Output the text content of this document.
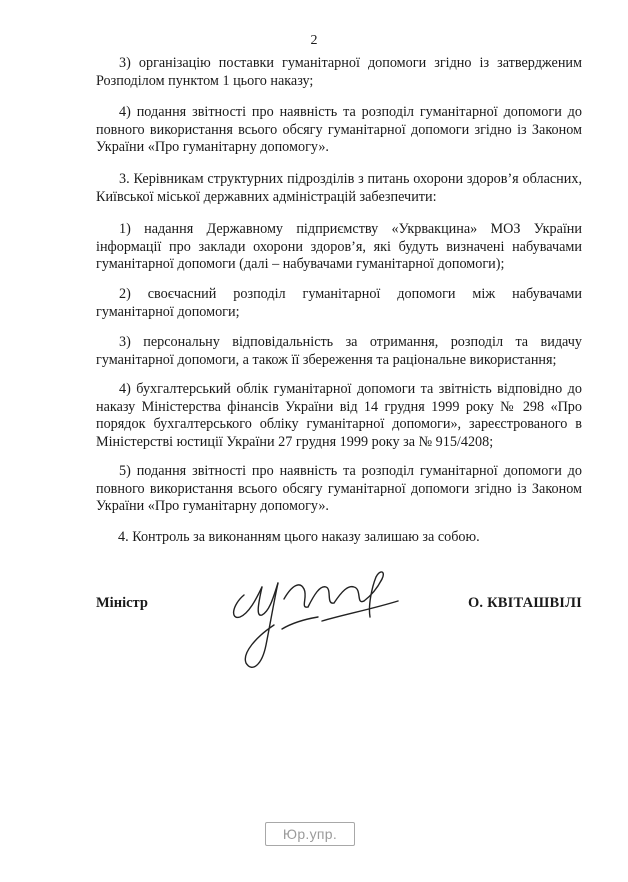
2

3) організацію поставки гуманітарної допомоги згідно із затвердженим Розподілом пунктом 1 цього наказу;

4) подання звітності про наявність та розподіл гуманітарної допомоги до повного використання всього обсягу гуманітарної допомоги згідно із Законом України «Про гуманітарну допомогу».

3. Керівникам структурних підрозділів з питань охорони здоров’я обласних, Київської міської державних адміністрацій забезпечити:

1) надання Державному підприємству «Укрвакцина» МОЗ України інформації про заклади охорони здоров’я, які будуть визначені набувачами гуманітарної допомоги (далі – набувачами гуманітарної допомоги);

2) своєчасний розподіл гуманітарної допомоги між набувачами гуманітарної допомоги;

3) персональну відповідальність за отримання, розподіл та видачу гуманітарної допомоги, а також її збереження та раціональне використання;

4) бухгалтерський облік гуманітарної допомоги та звітність відповідно до наказу Міністерства фінансів України від 14 грудня 1999 року № 298 «Про порядок бухгалтерського обліку гуманітарної допомоги», зареєстрованого в Міністерстві юстиції України 27 грудня 1999 року за № 915/4208;

5) подання звітності про наявність та розподіл гуманітарної допомоги до повного використання всього обсягу гуманітарної допомоги згідно із Законом України «Про гуманітарну допомогу».

4. Контроль за виконанням цього наказу залишаю за собою.

Міністр	О. КВІТАШВІЛІ
Юр.упр.
